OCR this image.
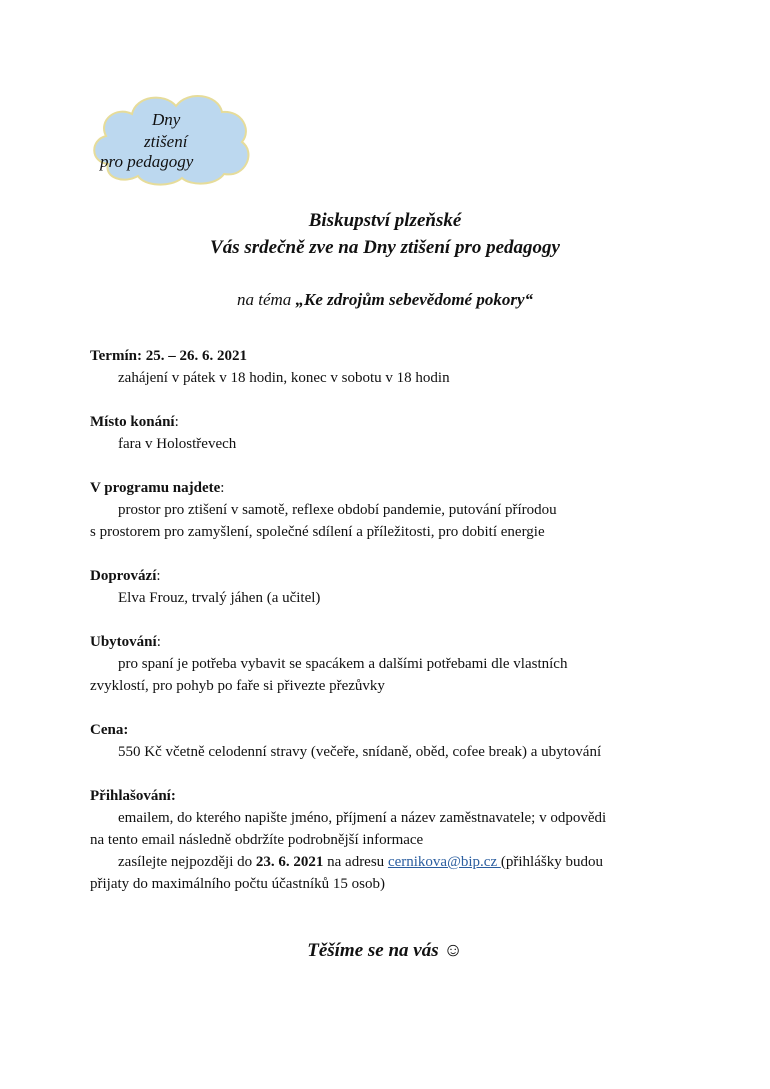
Dny
ztišení
pro pedagogy
Biskupství plzeňské
Vás srdečně zve na Dny ztišení pro pedagogy
na téma „Ke zdrojům sebevědomé pokory“
Termín: 25. – 26. 6. 2021
zahájení v pátek v 18 hodin, konec v sobotu v 18 hodin
Místo konání:
fara v Holostřevech
V programu najdete:
prostor pro ztišení v samotě, reflexe období pandemie, putování přírodou
s prostorem pro zamyšlení, společné sdílení a příležitosti, pro dobití energie
Doprovází:
Elva Frouz, trvalý jáhen (a učitel)
Ubytování:
pro spaní je potřeba vybavit se spacákem a dalšími potřebami dle vlastních
zvyklostí, pro pohyb po faře si přivezte přezůvky
Cena:
550 Kč včetně celodenní stravy (večeře, snídaně, oběd, cofee break) a ubytování
Přihlašování:
emailem, do kterého napište jméno, příjmení a název zaměstnavatele; v odpovědi
na tento email následně obdržíte podrobnější informace
zasílejte nejpozději do 23. 6. 2021 na adresu cernikova@bip.cz (přihlášky budou
přijaty do maximálního počtu účastníků 15 osob)
Těšíme se na vás ☺
